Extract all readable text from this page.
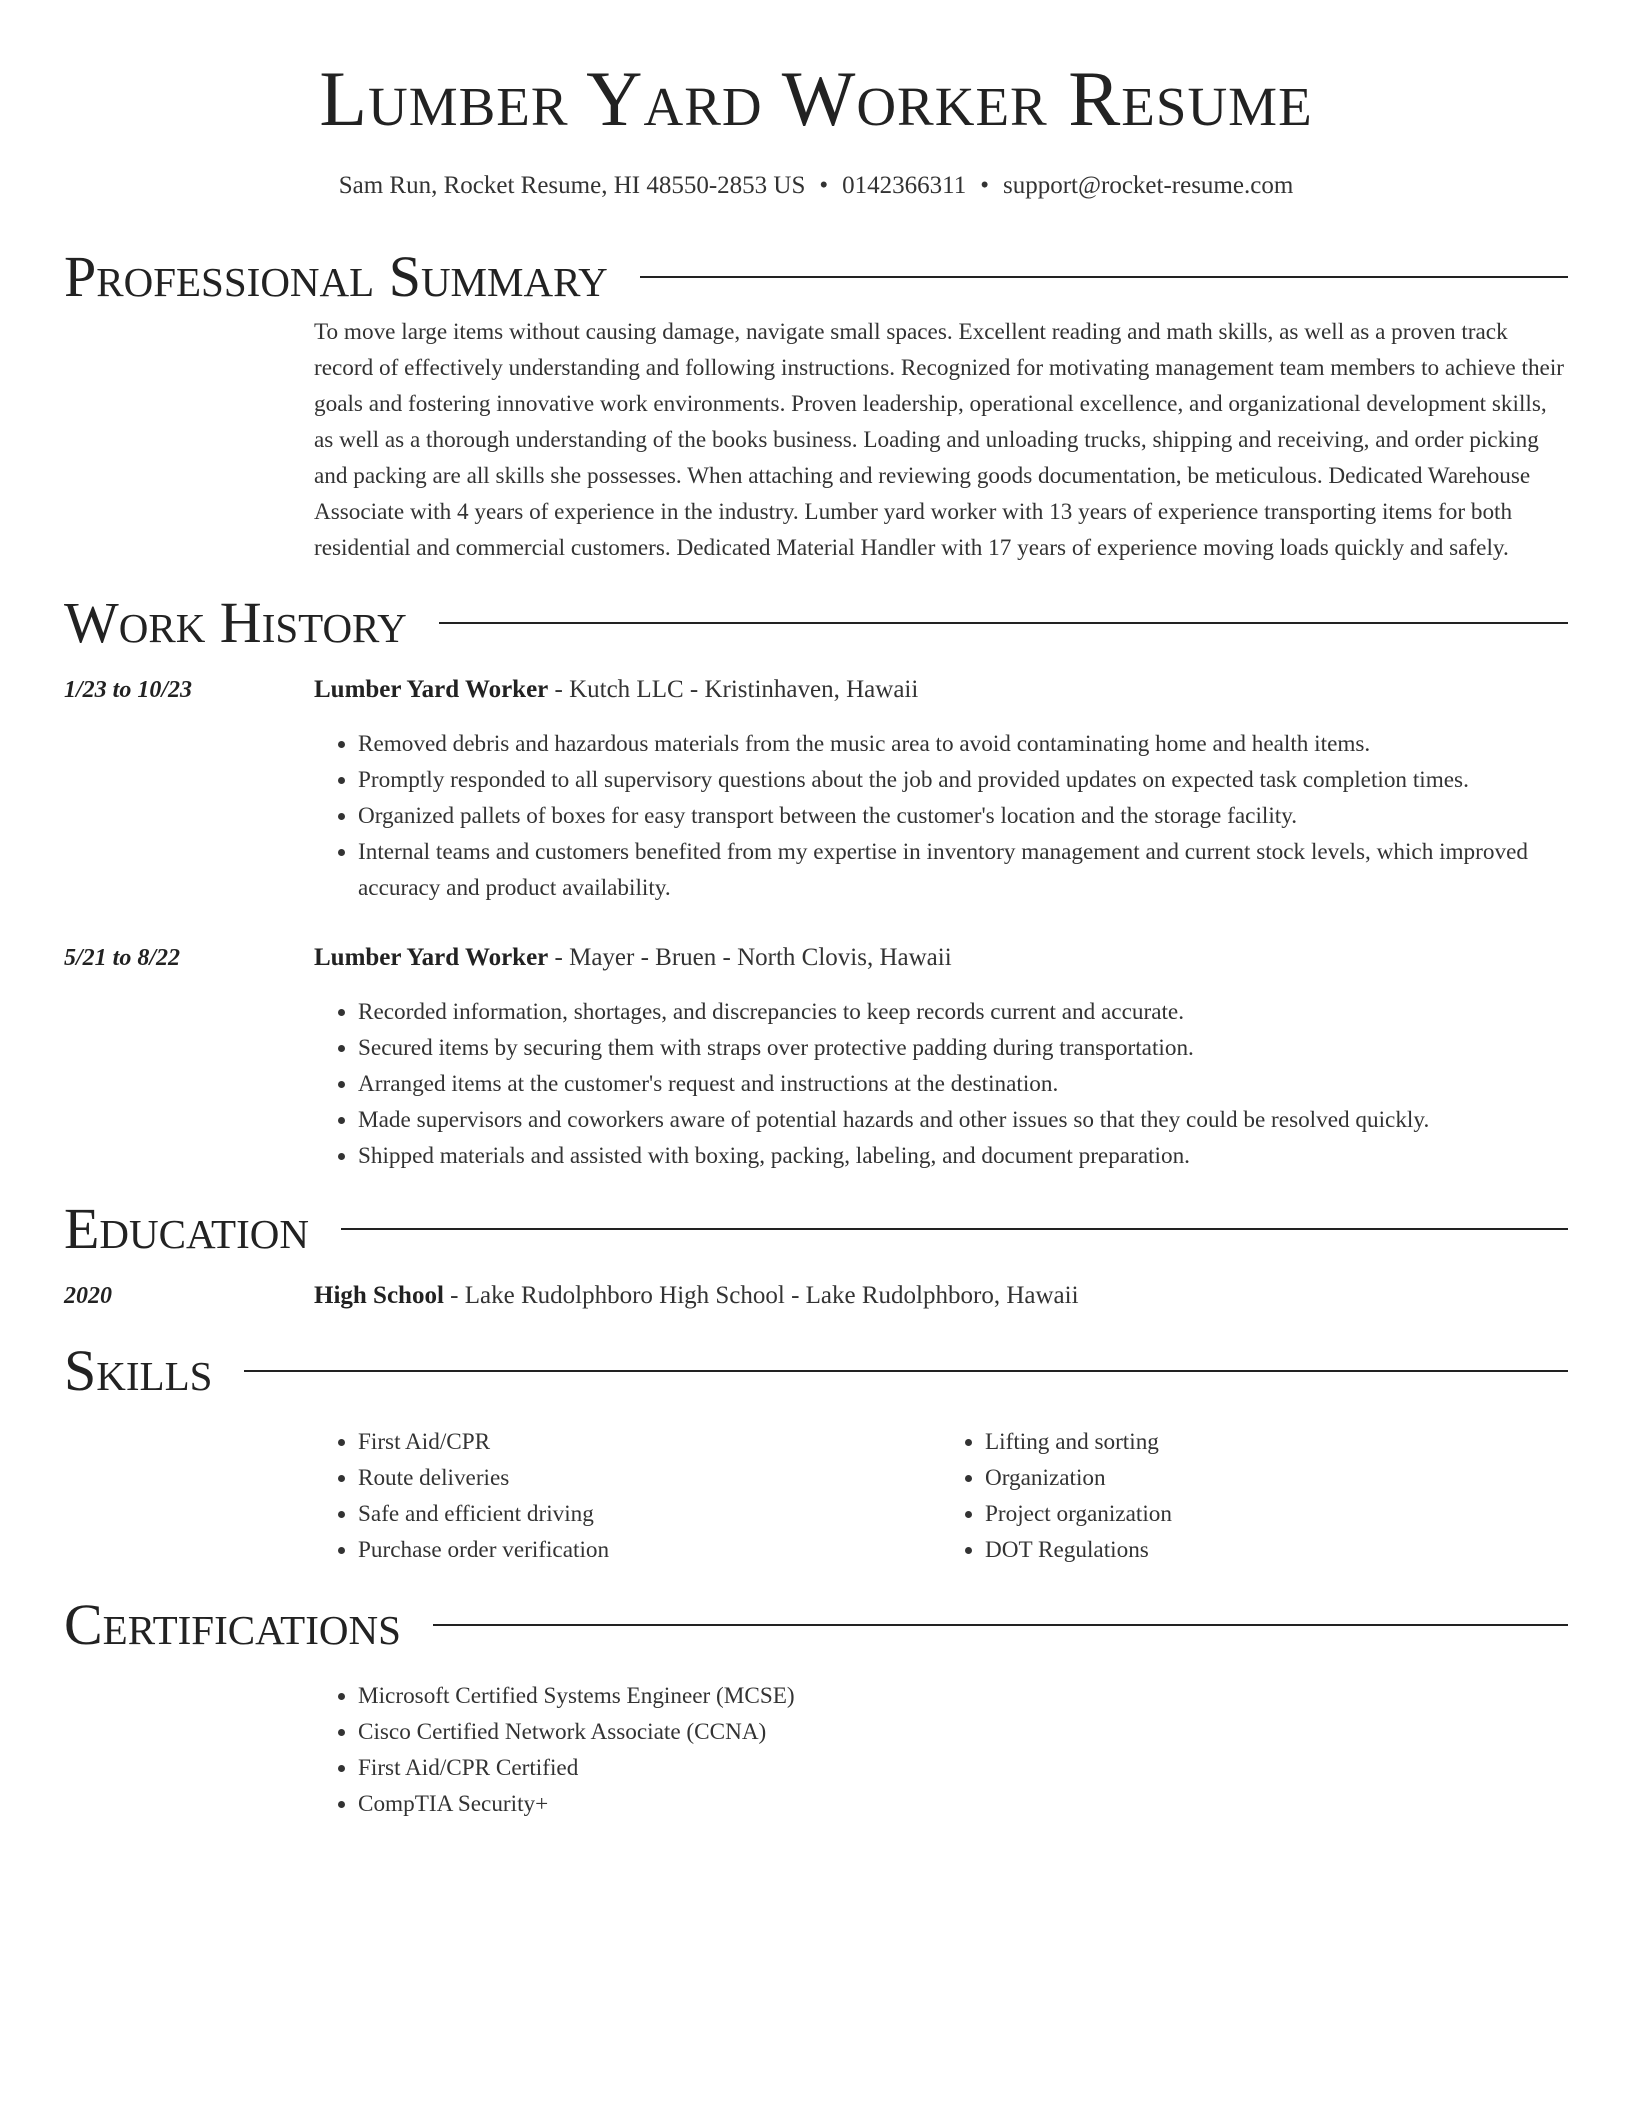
Lumber Yard Worker Resume
Sam Run, Rocket Resume, HI 48550-2853 US • 0142366311 • support@rocket-resume.com
Professional Summary
To move large items without causing damage, navigate small spaces. Excellent reading and math skills, as well as a proven track record of effectively understanding and following instructions. Recognized for motivating management team members to achieve their goals and fostering innovative work environments. Proven leadership, operational excellence, and organizational development skills, as well as a thorough understanding of the books business. Loading and unloading trucks, shipping and receiving, and order picking and packing are all skills she possesses. When attaching and reviewing goods documentation, be meticulous. Dedicated Warehouse Associate with 4 years of experience in the industry. Lumber yard worker with 13 years of experience transporting items for both residential and commercial customers. Dedicated Material Handler with 17 years of experience moving loads quickly and safely.
Work History
1/23 to 10/23	Lumber Yard Worker - Kutch LLC - Kristinhaven, Hawaii
• Removed debris and hazardous materials from the music area to avoid contaminating home and health items.
• Promptly responded to all supervisory questions about the job and provided updates on expected task completion times.
• Organized pallets of boxes for easy transport between the customer's location and the storage facility.
• Internal teams and customers benefited from my expertise in inventory management and current stock levels, which improved accuracy and product availability.
5/21 to 8/22	Lumber Yard Worker - Mayer - Bruen - North Clovis, Hawaii
• Recorded information, shortages, and discrepancies to keep records current and accurate.
• Secured items by securing them with straps over protective padding during transportation.
• Arranged items at the customer's request and instructions at the destination.
• Made supervisors and coworkers aware of potential hazards and other issues so that they could be resolved quickly.
• Shipped materials and assisted with boxing, packing, labeling, and document preparation.
Education
2020	High School - Lake Rudolphboro High School - Lake Rudolphboro, Hawaii
Skills
• First Aid/CPR
• Route deliveries
• Safe and efficient driving
• Purchase order verification
• Lifting and sorting
• Organization
• Project organization
• DOT Regulations
Certifications
• Microsoft Certified Systems Engineer (MCSE)
• Cisco Certified Network Associate (CCNA)
• First Aid/CPR Certified
• CompTIA Security+
